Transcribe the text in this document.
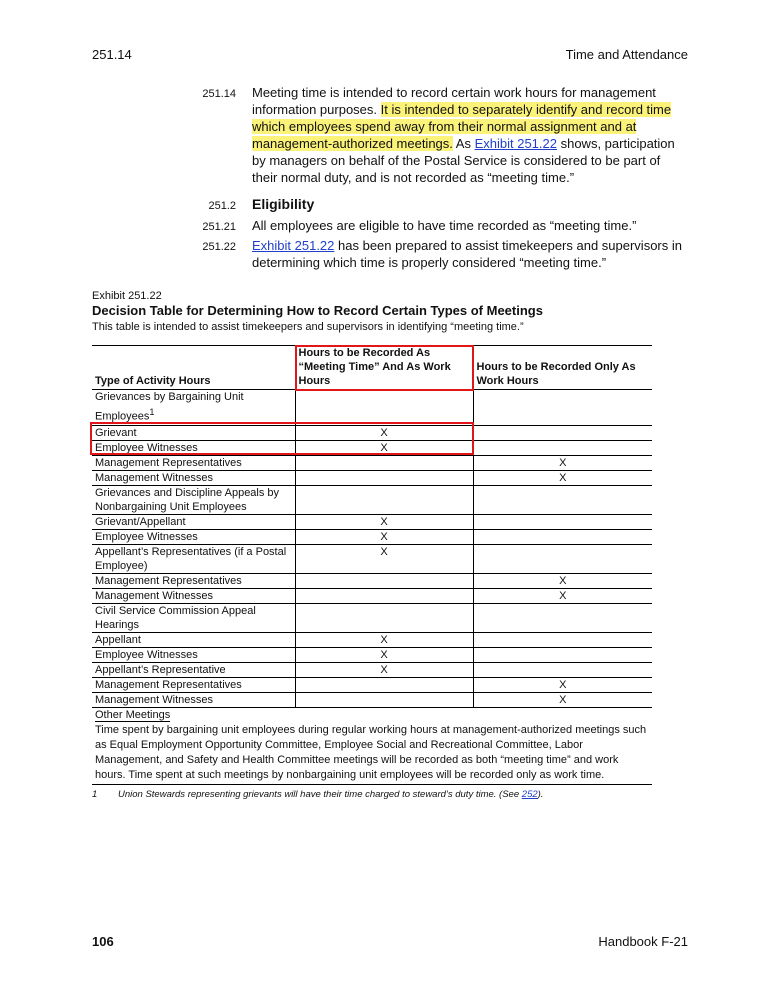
251.14	Time and Attendance
251.14 Meeting time is intended to record certain work hours for management information purposes. It is intended to separately identify and record time which employees spend away from their normal assignment and at management-authorized meetings. As Exhibit 251.22 shows, participation by managers on behalf of the Postal Service is considered to be part of their normal duty, and is not recorded as “meeting time.”
251.2 Eligibility
251.21 All employees are eligible to have time recorded as “meeting time.”
251.22 Exhibit 251.22 has been prepared to assist timekeepers and supervisors in determining which time is properly considered “meeting time.”
Exhibit 251.22
Decision Table for Determining How to Record Certain Types of Meetings
This table is intended to assist timekeepers and supervisors in identifying “meeting time.”
Type of Activity Hours	Hours to be Recorded As “Meeting Time” And As Work Hours	Hours to be Recorded Only As Work Hours
Grievances by Bargaining Unit Employees$^1$		
Grievant	X	
Employee Witnesses	X	
Management Representatives		X
Management Witnesses		X
Grievances and Discipline Appeals by Nonbargaining Unit Employees		
Grievant/Appellant	X	
Employee Witnesses	X	
Appellant’s Representatives (if a Postal Employee)	X	
Management Representatives		X
Management Witnesses		X
Civil Service Commission Appeal Hearings		
Appellant	X	
Employee Witnesses	X	
Appellant’s Representative	X	
Management Representatives		X
Management Witnesses		X
Other Meetings		
Time spent by bargaining unit employees during regular working hours at management-authorized meetings such as Equal Employment Opportunity Committee, Employee Social and Recreational Committee, Labor Management, and Safety and Health Committee meetings will be recorded as both “meeting time” and work hours. Time spent at such meetings by nonbargaining unit employees will be recorded only as work time.		
1 Union Stewards representing grievants will have their time charged to steward’s duty time. (See 252).
106	Handbook F-21
